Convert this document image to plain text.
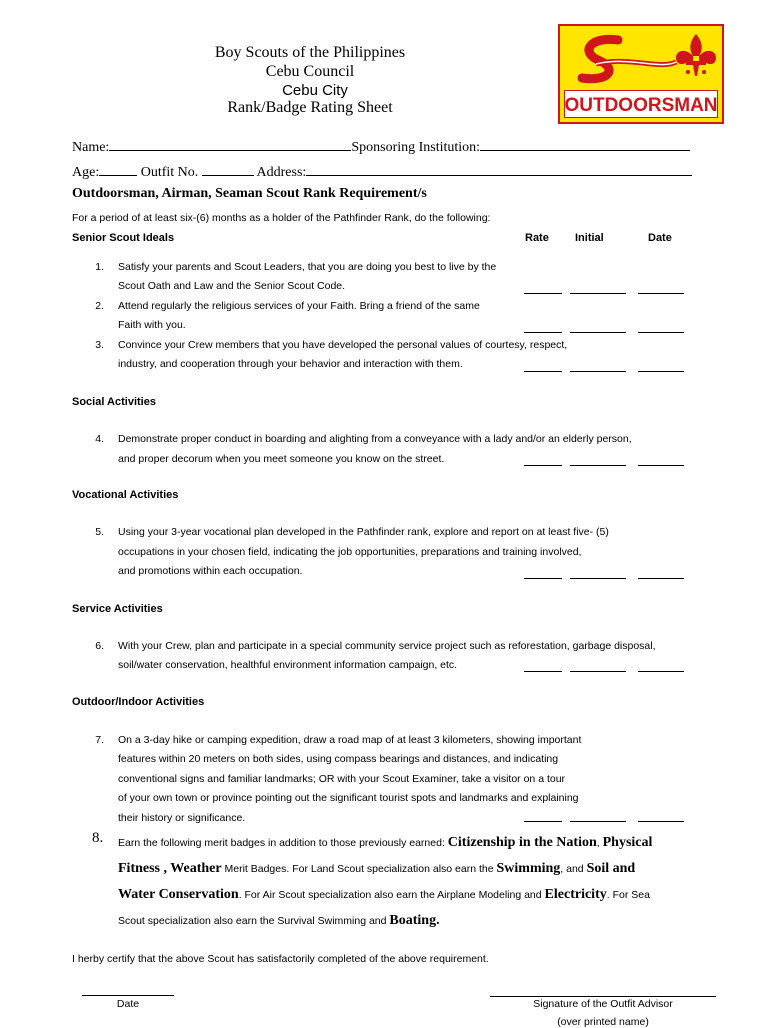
Boy Scouts of the Philippines
Cebu Council
Cebu City
Rank/Badge Rating Sheet	OUTDOORSMAN
Name:	Sponsoring Institution:
Age:	Outfit No.	Address:
Outdoorsman, Airman, Seaman Scout Rank Requirement/s
For a period of at least six-(6) months as a holder of the Pathfinder Rank, do the following:
Senior Scout Ideals	Rate Initial	Date
1. Satisfy your parents and Scout Leaders, that you are doing you best to live by the
Scout Oath and Law and the Senior Scout Code.
2. Attend regularly the religious services of your Faith. Bring a friend of the same
Faith with you.
3. Convince your Crew members that you have developed the personal values of courtesy, respect,
industry, and cooperation through your behavior and interaction with them.
Social Activities
4. Demonstrate proper conduct in boarding and alighting from a conveyance with a lady and/or an elderly person,
and proper decorum when you meet someone you know on the street.
Vocational Activities
5. Using your 3-year vocational plan developed in the Pathfinder rank, explore and report on at least five- (5)
occupations in your chosen field, indicating the job opportunities, preparations and training involved,
and promotions within each occupation.
Service Activities
6. With your Crew, plan and participate in a special community service project such as reforestation, garbage disposal,
soil/water conservation, healthful environment information campaign, etc.
Outdoor/Indoor Activities
7. On a 3-day hike or camping expedition, draw a road map of at least 3 kilometers, showing important
features within 20 meters on both sides, using compass bearings and distances, and indicating
conventional signs and familiar landmarks; OR with your Scout Examiner, take a visitor on a tour
of your own town or province pointing out the significant tourist spots and landmarks and explaining
their history or significance.
8. Earn the following merit badges in addition to those previously earned: Citizenship in the Nation, Physical
Fitness , Weather Merit Badges. For Land Scout specialization also earn the Swimming, and Soil and
Water Conservation. For Air Scout specialization also earn the Airplane Modeling and Electricity. For Sea
Scout specialization also earn the Survival Swimming and Boating.
I herby certify that the above Scout has satisfactorily completed of the above requirement.
Date	Signature of the Outfit Advisor
(over printed name)
